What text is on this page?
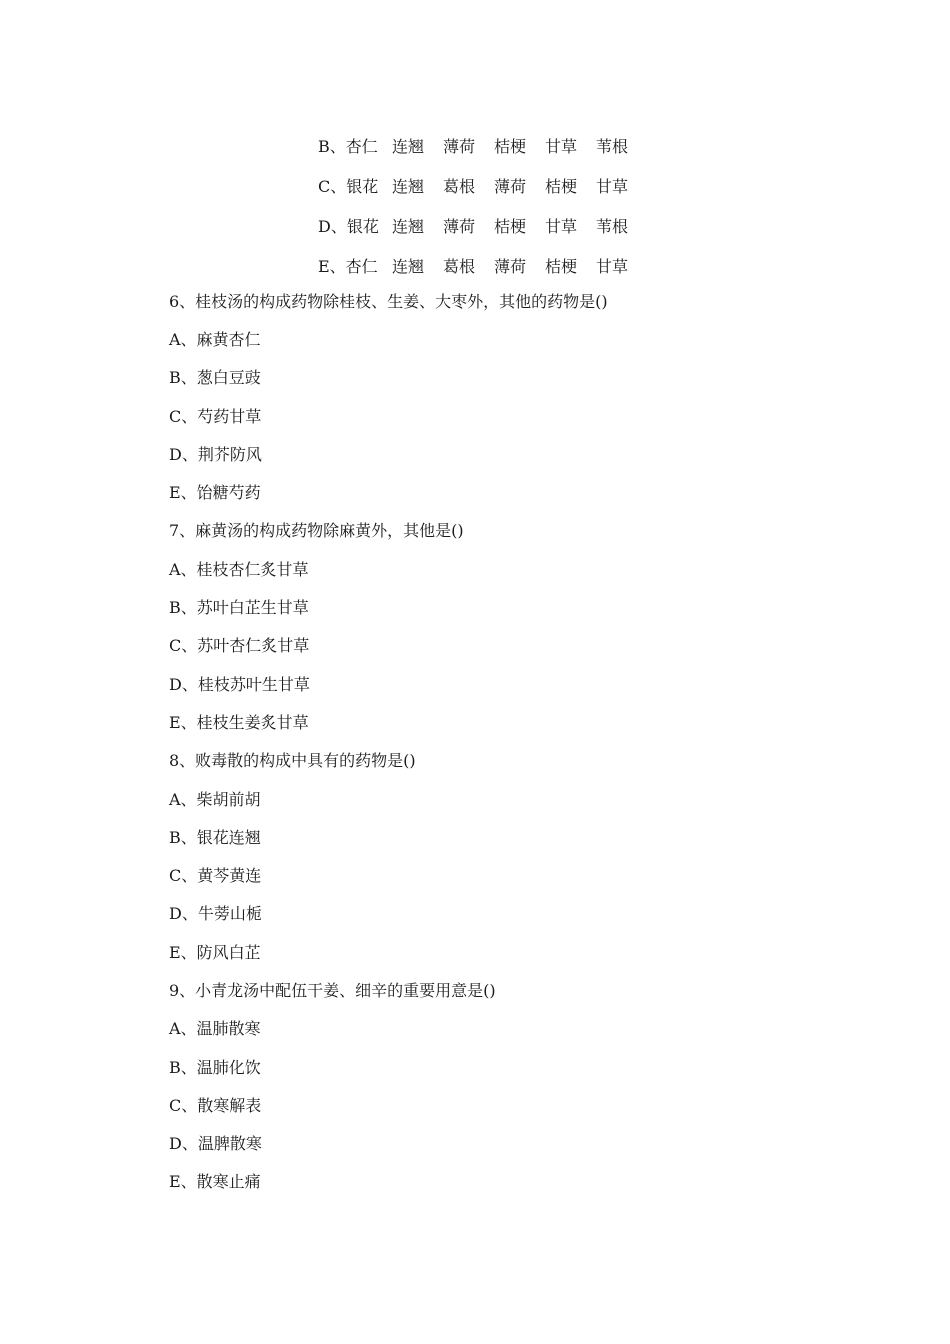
B、杏仁 连翘	薄荷	桔梗	甘草	苇根
C、银花 连翘	葛根	薄荷	桔梗	甘草
D、银花 连翘	薄荷	桔梗	甘草	苇根
E、杏仁 连翘	葛根	薄荷	桔梗	甘草
6、桂枝汤的构成药物除桂枝、生姜、大枣外，其他的药物是()
A、麻黄杏仁
B、葱白豆豉
C、芍药甘草
D、荆芥防风
E、饴糖芍药
7、麻黄汤的构成药物除麻黄外，其他是()
A、桂枝杏仁炙甘草
B、苏叶白芷生甘草
C、苏叶杏仁炙甘草
D、桂枝苏叶生甘草
E、桂枝生姜炙甘草
8、败毒散的构成中具有的药物是()
A、柴胡前胡
B、银花连翘
C、黄芩黄连
D、牛蒡山栀
E、防风白芷
9、小青龙汤中配伍干姜、细辛的重要用意是()
A、温肺散寒
B、温肺化饮
C、散寒解表
D、温脾散寒
E、散寒止痛
